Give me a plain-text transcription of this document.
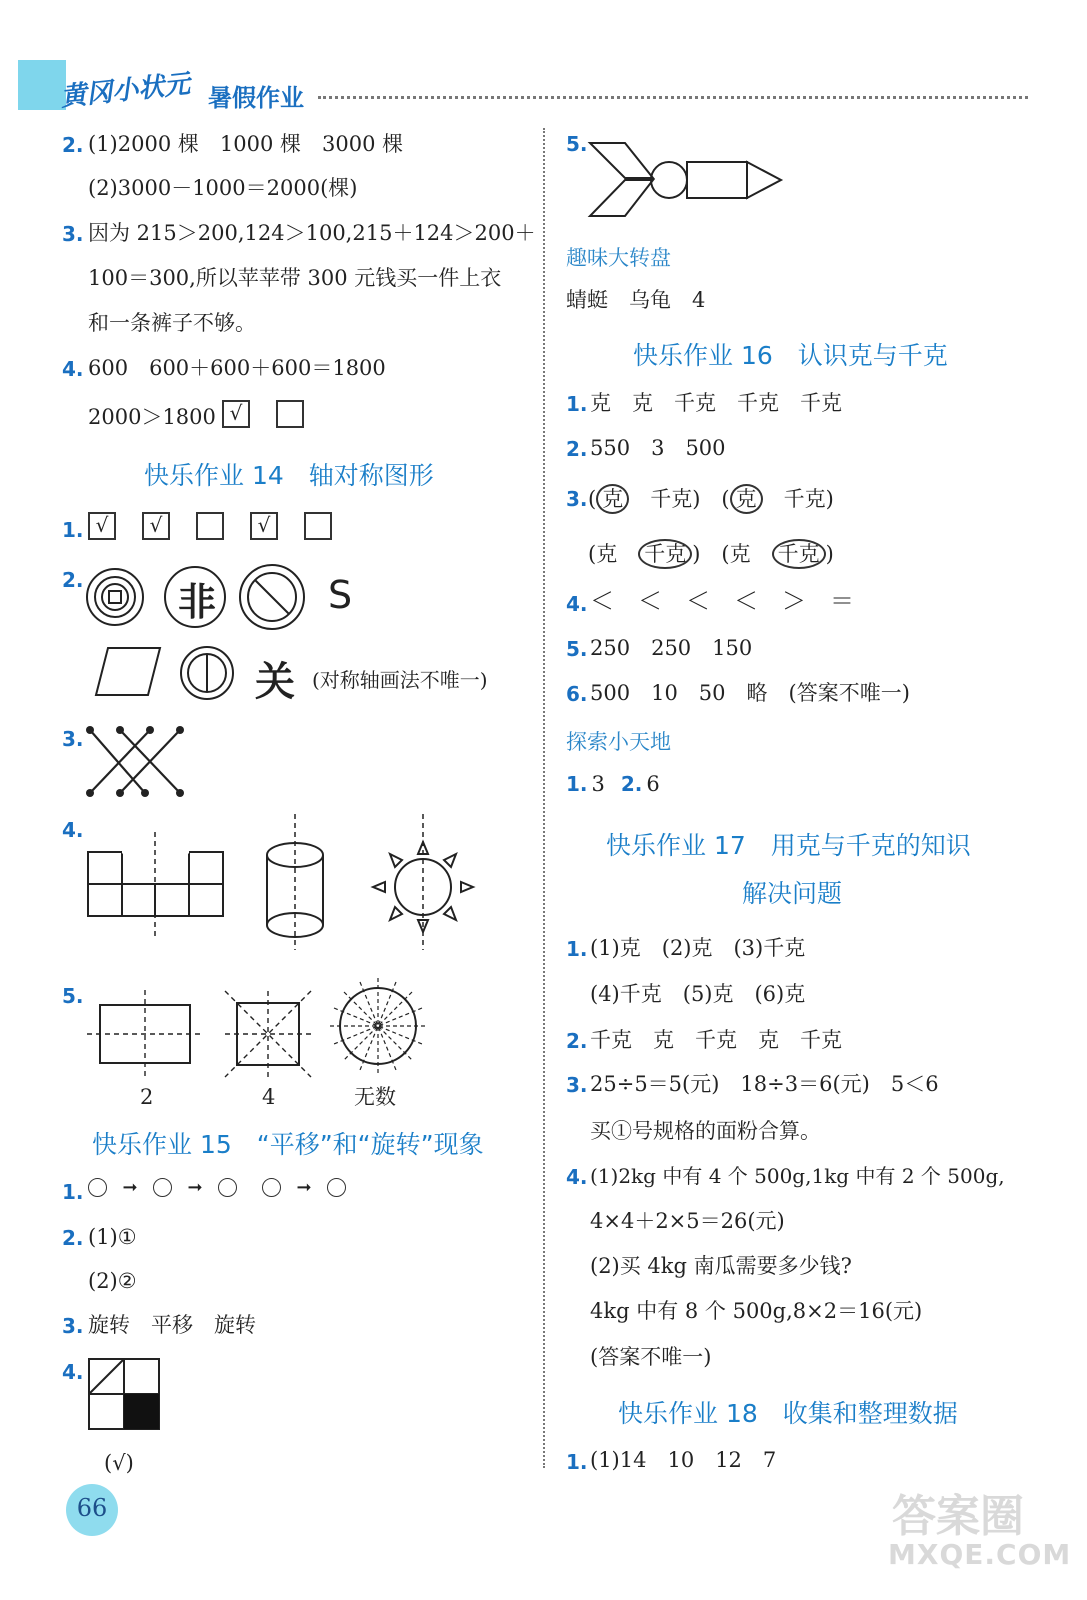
黄冈小状元 暑假作业
2. (1)2000 棵　1000 棵　3000 棵
(2)3000－1000＝2000(棵)
3. 因为 215＞200,124＞100,215＋124＞200＋
100＝300,所以苹苹带 300 元钱买一件上衣
和一条裤子不够。
4. 600　600＋600＋600＝1800
2000＞1800 √
快乐作业 14　轴对称图形
1. √ √	√
2. 非	S
关 (对称轴画法不唯一)
3.
4.
5.
2	4	无数
快乐作业 15　“平移”和“旋转”现象
1.	➞	➞	➞
2. (1)①
(2)②
3. 旋转　平移　旋转
4.
(√)
66
5.
趣味大转盘
蜻蜓　乌龟　4
快乐作业 16　认识克与千克
1. 克　克　千克　千克　千克
2. 550　3　500
3. ( 克　 千克)　( 克　 千克)
(克　 千克 )　(克　 千克 )
4. ＜　＜　＜　＜　＞　＝
5. 250　250　150
6. 500　10　50　略　(答案不唯一)
探索小天地
1. 3 2. 6
快乐作业 17　用克与千克的知识
解决问题
1. (1)克　(2)克　(3)千克
(4)千克　(5)克　(6)克
2. 千克　克　千克　克　千克
3. 25÷5＝5(元)　18÷3＝6(元)　5＜6
买①号规格的面粉合算。
4. (1)2kg 中有 4 个 500g,1kg 中有 2 个 500g,
4×4＋2×5＝26(元)
(2)买 4kg 南瓜需要多少钱?
4kg 中有 8 个 500g,8×2＝16(元)
(答案不唯一)
快乐作业 18　收集和整理数据
1. (1)14　10　12　7
答案圈
MXQE.COM
